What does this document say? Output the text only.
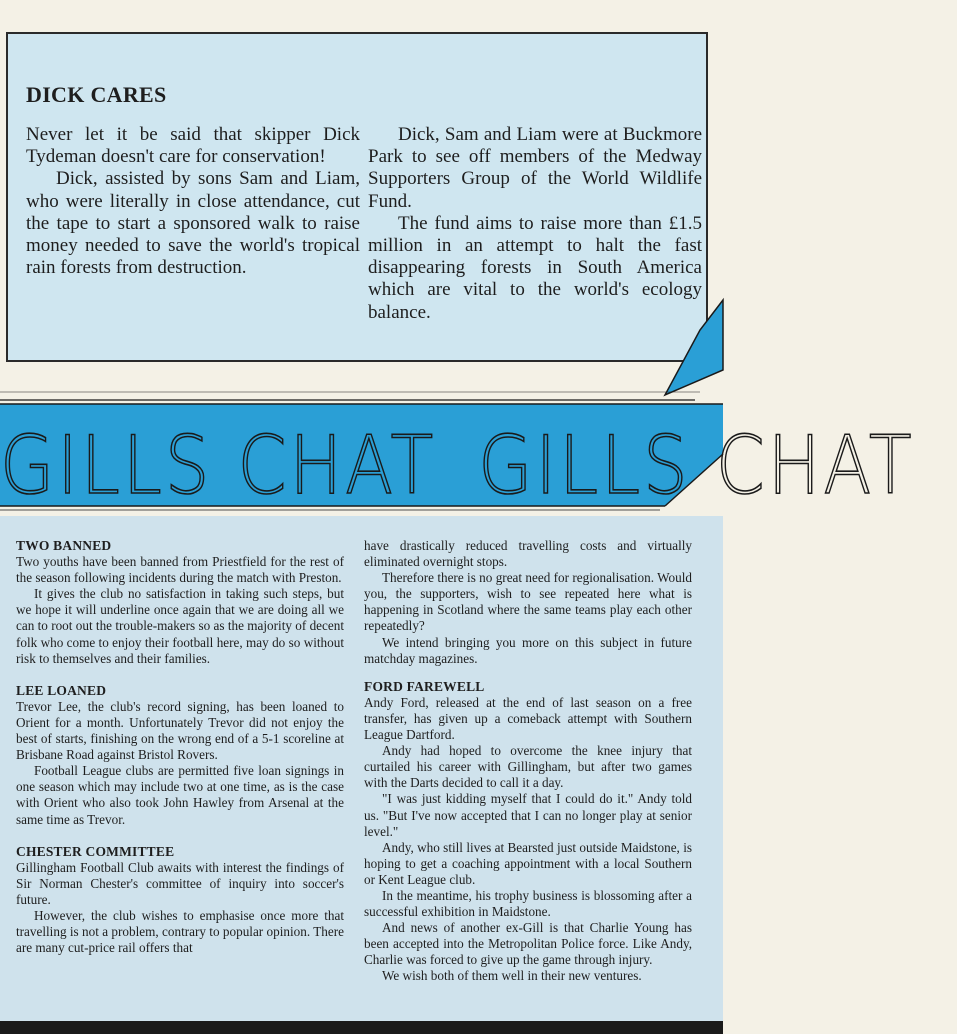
DICK CARES

Never let it be said that skipper Dick Tydeman doesn't care for conservation!

Dick, assisted by sons Sam and Liam, who were literally in close attendance, cut the tape to start a sponsored walk to raise money needed to save the world's tropical rain forests from destruction.

Dick, Sam and Liam were at Buckmore Park to see off members of the Medway Supporters Group of the World Wildlife Fund.

The fund aims to raise more than £1.5 million in an attempt to halt the fast disappearing forests in South America which are vital to the world's ecology balance.

GILLS CHAT GILLS CHAT
TWO BANNED

Two youths have been banned from Priestfield for the rest of the season following incidents during the match with Preston.

It gives the club no satisfaction in taking such steps, but we hope it will underline once again that we are doing all we can to root out the trouble-makers so as the majority of decent folk who come to enjoy their football here, may do so without risk to themselves and their families.

LEE LOANED

Trevor Lee, the club's record signing, has been loaned to Orient for a month. Unfortunately Trevor did not enjoy the best of starts, finishing on the wrong end of a 5-1 scoreline at Brisbane Road against Bristol Rovers.

Football League clubs are permitted five loan signings in one season which may include two at one time, as is the case with Orient who also took John Hawley from Arsenal at the same time as Trevor.

CHESTER COMMITTEE

Gillingham Football Club awaits with interest the findings of Sir Norman Chester's committee of inquiry into soccer's future.

However, the club wishes to emphasise once more that travelling is not a problem, contrary to popular opinion. There are many cut-price rail offers that

have drastically reduced travelling costs and virtually eliminated overnight stops.

Therefore there is no great need for regionalisation. Would you, the supporters, wish to see repeated here what is happening in Scotland where the same teams play each other repeatedly?

We intend bringing you more on this subject in future matchday magazines.

FORD FAREWELL

Andy Ford, released at the end of last season on a free transfer, has given up a comeback attempt with Southern League Dartford.

Andy had hoped to overcome the knee injury that curtailed his career with Gillingham, but after two games with the Darts decided to call it a day.

"I was just kidding myself that I could do it." Andy told us. "But I've now accepted that I can no longer play at senior level."

Andy, who still lives at Bearsted just outside Maidstone, is hoping to get a coaching appointment with a local Southern or Kent League club.

In the meantime, his trophy business is blossoming after a successful exhibition in Maidstone.

And news of another ex-Gill is that Charlie Young has been accepted into the Metropolitan Police force. Like Andy, Charlie was forced to give up the game through injury.

We wish both of them well in their new ventures.
